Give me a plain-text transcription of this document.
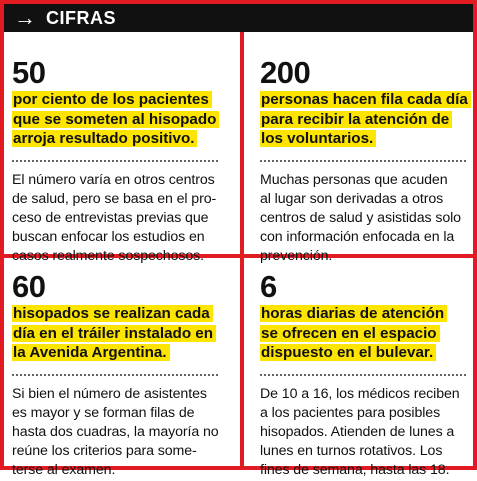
→ CIFRAS
50
por ciento de los pacientes
que se someten al hisopado
arroja resultado positivo.
El número varía en otros centros
de salud, pero se basa en el pro-
ceso de entrevistas previas que
buscan enfocar los estudios en
casos realmente sospechosos.
200
personas hacen fila cada día
para recibir la atención de
los voluntarios.
Muchas personas que acuden
al lugar son derivadas a otros
centros de salud y asistidas solo
con información enfocada en la
prevención.
60
hisopados se realizan cada
día en el tráiler instalado en
la Avenida Argentina.
Si bien el número de asistentes
es mayor y se forman filas de
hasta dos cuadras, la mayoría no
reúne los criterios para some-
terse al examen.
6
horas diarias de atención
se ofrecen en el espacio
dispuesto en el bulevar.
De 10 a 16, los médicos reciben
a los pacientes para posibles
hisopados. Atienden de lunes a
lunes en turnos rotativos. Los
fines de semana, hasta las 18.
